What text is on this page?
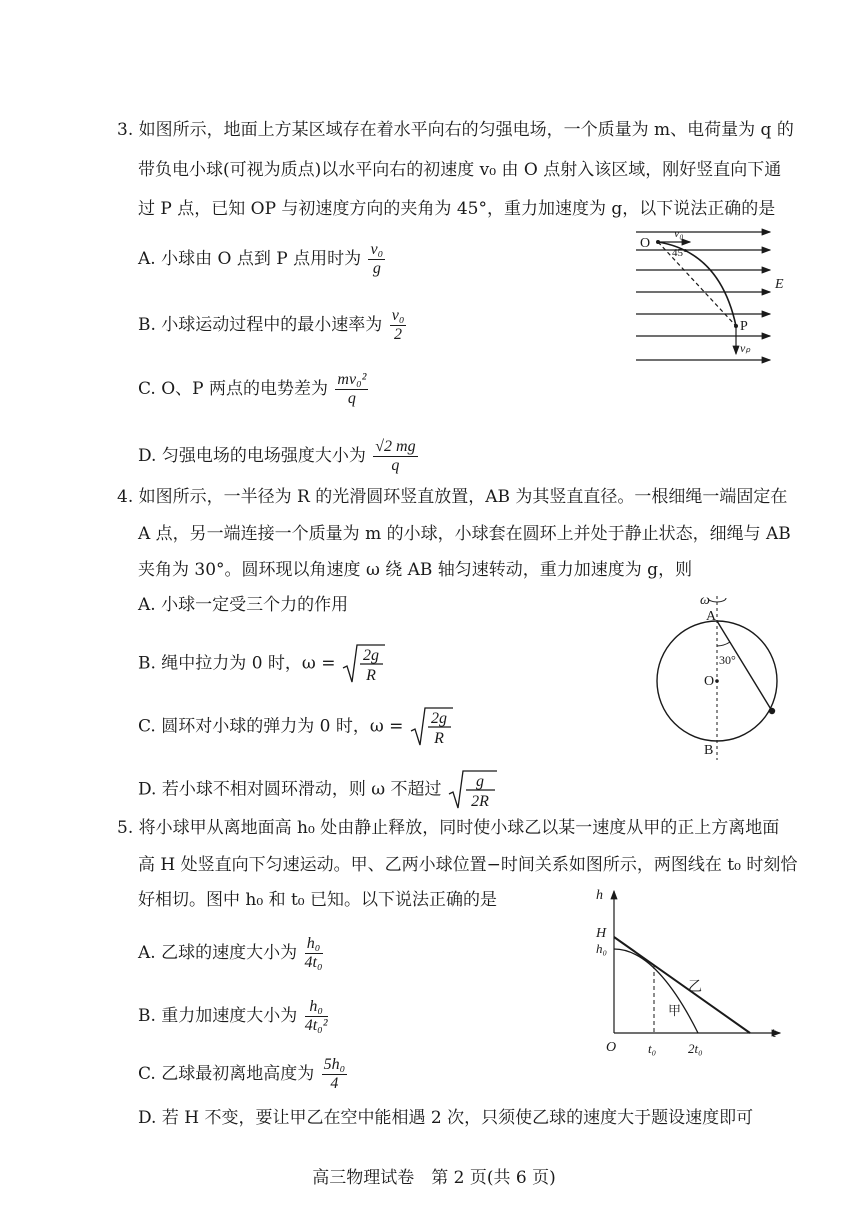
3. 如图所示，地面上方某区域存在着水平向右的匀强电场，一个质量为 m、电荷量为 q 的
带负电小球(可视为质点)以水平向右的初速度 v₀ 由 O 点射入该区域，刚好竖直向下通
过 P 点，已知 OP 与初速度方向的夹角为 45°，重力加速度为 g，以下说法正确的是
A. 小球由 O 点到 P 点用时为 $\frac{\text{v₀}}{g}$
B. 小球运动过程中的最小速率为 $\frac{\text{v₀}}{2}$
C. O、P 两点的电势差为 $\frac{\text{mv₀²}}{q}$
D. 匀强电场的电场强度大小为 $\frac{√2 mg}{q}$
O
v₀
45°
E
P
vₚ
4. 如图所示，一半径为 R 的光滑圆环竖直放置，AB 为其竖直直径。一根细绳一端固定在
A 点，另一端连接一个质量为 m 的小球，小球套在圆环上并处于静止状态，细绳与 AB
夹角为 30°。圆环现以角速度 ω 绕 AB 轴匀速转动，重力加速度为 g，则
A. 小球一定受三个力的作用
B. 绳中拉力为 0 时，ω = 2g
R
C. 圆环对小球的弹力为 0 时，ω = 2g
R
D. 若小球不相对圆环滑动，则 ω 不超过 g
2R
ω
A
30°
O
B
5. 将小球甲从离地面高 h₀ 处由静止释放，同时使小球乙以某一速度从甲的正上方离地面
高 H 处竖直向下匀速运动。甲、乙两小球位置−时间关系如图所示，两图线在 t₀ 时刻恰
好相切。图中 h₀ 和 t₀ 已知。以下说法正确的是
A. 乙球的速度大小为 $\frac{\text{h₀}}{\text{4t₀}}$
B. 重力加速度大小为 $\frac{\text{h₀}}{\text{4t₀²}}$
C. 乙球最初离地高度为 $\frac{\text{5h₀}}{4}$
D. 若 H 不变，要让甲乙在空中能相遇 2 次，只须使乙球的速度大于题设速度即可
h
H
h₀
乙
甲
O t₀ 2t₀
t
高三物理试卷　第 2 页(共 6 页)
